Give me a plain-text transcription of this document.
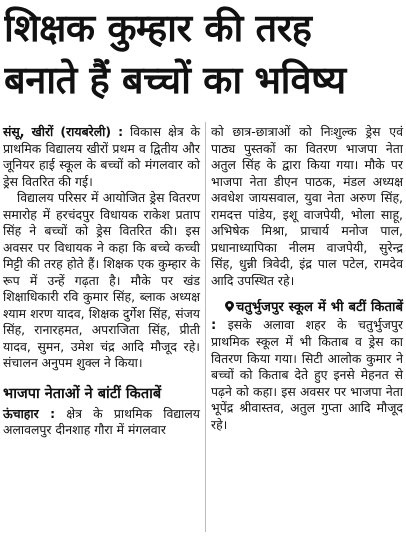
शिक्षक कुम्हार की तरह
बनाते हैं बच्चों का भविष्य

संसू, खीरों (रायबरेली) : विकास क्षेत्र के प्राथमिक विद्यालय खीरों प्रथम व द्वितीय और जूनियर हाई स्कूल के बच्चों को मंगलवार को ड्रेस वितरित की गई।

विद्यालय परिसर में आयोजित ड्रेस वितरण समारोह में हरचंदपुर विधायक राकेश प्रताप सिंह ने बच्चों को ड्रेस वितरित की। इस अवसर पर विधायक ने कहा कि बच्चे कच्ची मिट्टी की तरह होते हैं। शिक्षक एक कुम्हार के रूप में उन्हें गढ़ता है। मौके पर खंड शिक्षाधिकारी रवि कुमार सिंह, ब्लाक अध्यक्ष श्याम शरण यादव, शिक्षक दुर्गेश सिंह, संजय सिंह, रानारहमत, अपराजिता सिंह, प्रीती यादव, सुमन, उमेश चंद्र आदि मौजूद रहे। संचालन अनुपम शुक्ल ने किया।

भाजपा नेताओं ने बांटीं किताबें

ऊंचाहार : क्षेत्र के प्राथमिक विद्यालय अलावलपुर दीनशाह गौरा में मंगलवार

को छात्र-छात्राओं को निःशुल्क ड्रेस एवं पाठ्य पुस्तकों का वितरण भाजपा नेता अतुल सिंह के द्वारा किया गया। मौके पर भाजपा नेता डीएन पाठक, मंडल अध्यक्ष अवधेश जायसवाल, युवा नेता अरुण सिंह, रामदत्त पांडेय, इशू वाजपेयी, भोला साहू, अभिषेक मिश्रा, प्राचार्य मनोज पाल, प्रधानाध्यापिका नीलम वाजपेयी, सुरेन्द्र सिंह, धुन्नी त्रिवेदी, इंद्र पाल पटेल, रामदेव आदि उपस्थित रहे।

चतुर्भुजपुर स्कूल में भी बटीं किताबें : इसके अलावा शहर के चतुर्भुजपुर प्राथमिक स्कूल में भी किताब व ड्रेस का वितरण किया गया। सिटी आलोक कुमार ने बच्चों को किताब देते हुए इनसे मेहनत से पढ़ने को कहा। इस अवसर पर भाजपा नेता भूपेंद्र श्रीवास्तव, अतुल गुप्ता आदि मौजूद रहे।
